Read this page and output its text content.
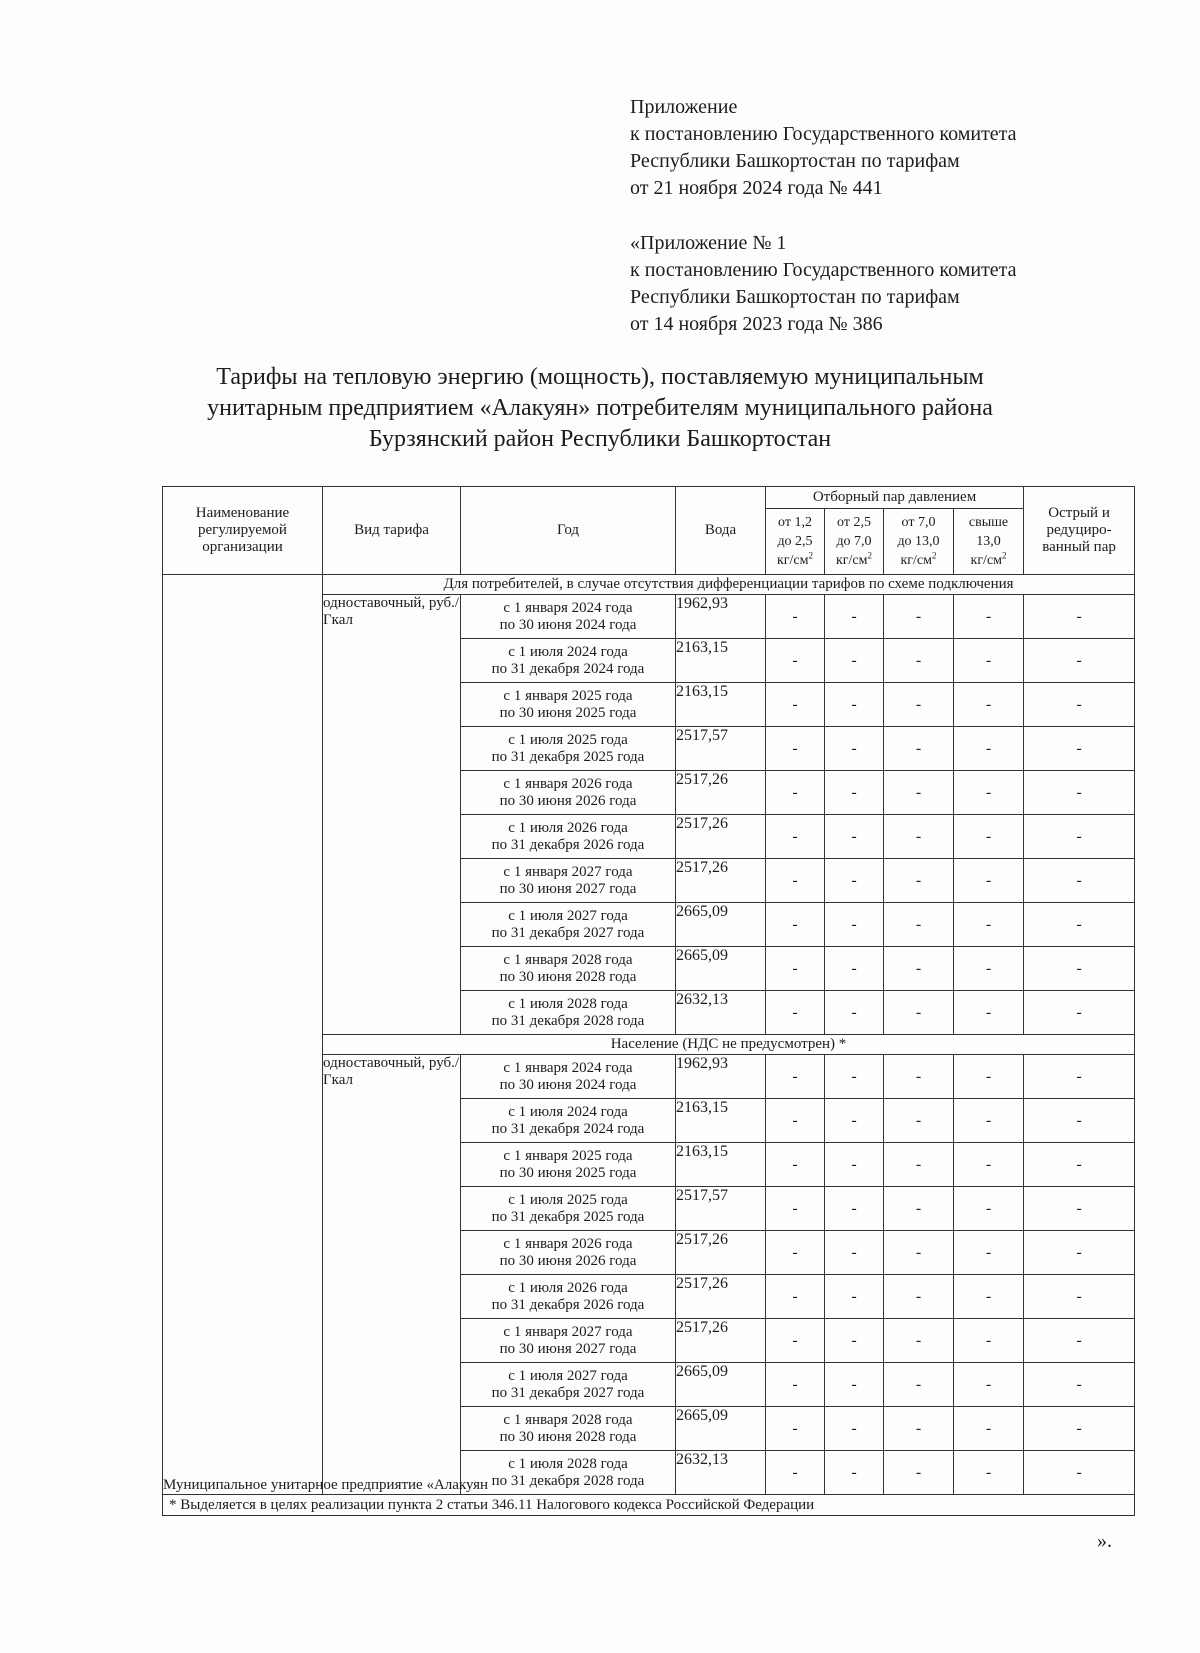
Приложение
к постановлению Государственного комитета
Республики Башкортостан по тарифам
от 21 ноября 2024 года № 441
«Приложение № 1
к постановлению Государственного комитета
Республики Башкортостан по тарифам
от 14 ноября 2023 года № 386
Тарифы на тепловую энергию (мощность), поставляемую муниципальным
унитарным предприятием «Алакуян» потребителям муниципального района
Бурзянский район Республики Башкортостан
Наименование регулируемой организации	Вид тарифа	Год	Вода	Отборный пар давлением				Острый и редуциро-ванный пар
				от 1,2
до 2,5
$кг/см^2$	от 2,5
до 7,0
$кг/см^2$	от 7,0
до 13,0
$кг/см^2$	свыше
13,0
$кг/см^2$
Муниципальное унитарное предприятие «Алакуян	Для потребителей, в случае отсутствия дифференциации тарифов по схеме подключения							
	одноставочный, руб./Гкал	с 1 января 2024 года
по 30 июня 2024 года	1962,93	-	-	-	-	-
		с 1 июля 2024 года
по 31 декабря 2024 года	2163,15	-	-	-	-	-
		с 1 января 2025 года
по 30 июня 2025 года	2163,15	-	-	-	-	-
		с 1 июля 2025 года
по 31 декабря 2025 года	2517,57	-	-	-	-	-
		с 1 января 2026 года
по 30 июня 2026 года	2517,26	-	-	-	-	-
		с 1 июля 2026 года
по 31 декабря 2026 года	2517,26	-	-	-	-	-
		с 1 января 2027 года
по 30 июня 2027 года	2517,26	-	-	-	-	-
		с 1 июля 2027 года
по 31 декабря 2027 года	2665,09	-	-	-	-	-
		с 1 января 2028 года
по 30 июня 2028 года	2665,09	-	-	-	-	-
		с 1 июля 2028 года
по 31 декабря 2028 года	2632,13	-	-	-	-	-
	Население (НДС не предусмотрен) *							
	одноставочный, руб./Гкал	с 1 января 2024 года
по 30 июня 2024 года	1962,93	-	-	-	-	-
		с 1 июля 2024 года
по 31 декабря 2024 года	2163,15	-	-	-	-	-
		с 1 января 2025 года
по 30 июня 2025 года	2163,15	-	-	-	-	-
		с 1 июля 2025 года
по 31 декабря 2025 года	2517,57	-	-	-	-	-
		с 1 января 2026 года
по 30 июня 2026 года	2517,26	-	-	-	-	-
		с 1 июля 2026 года
по 31 декабря 2026 года	2517,26	-	-	-	-	-
		с 1 января 2027 года
по 30 июня 2027 года	2517,26	-	-	-	-	-
		с 1 июля 2027 года
по 31 декабря 2027 года	2665,09	-	-	-	-	-
		с 1 января 2028 года
по 30 июня 2028 года	2665,09	-	-	-	-	-
		с 1 июля 2028 года
по 31 декабря 2028 года	2632,13	-	-	-	-	-
* Выделяется в целях реализации пункта 2 статьи 346.11 Налогового кодекса Российской Федерации								
».
